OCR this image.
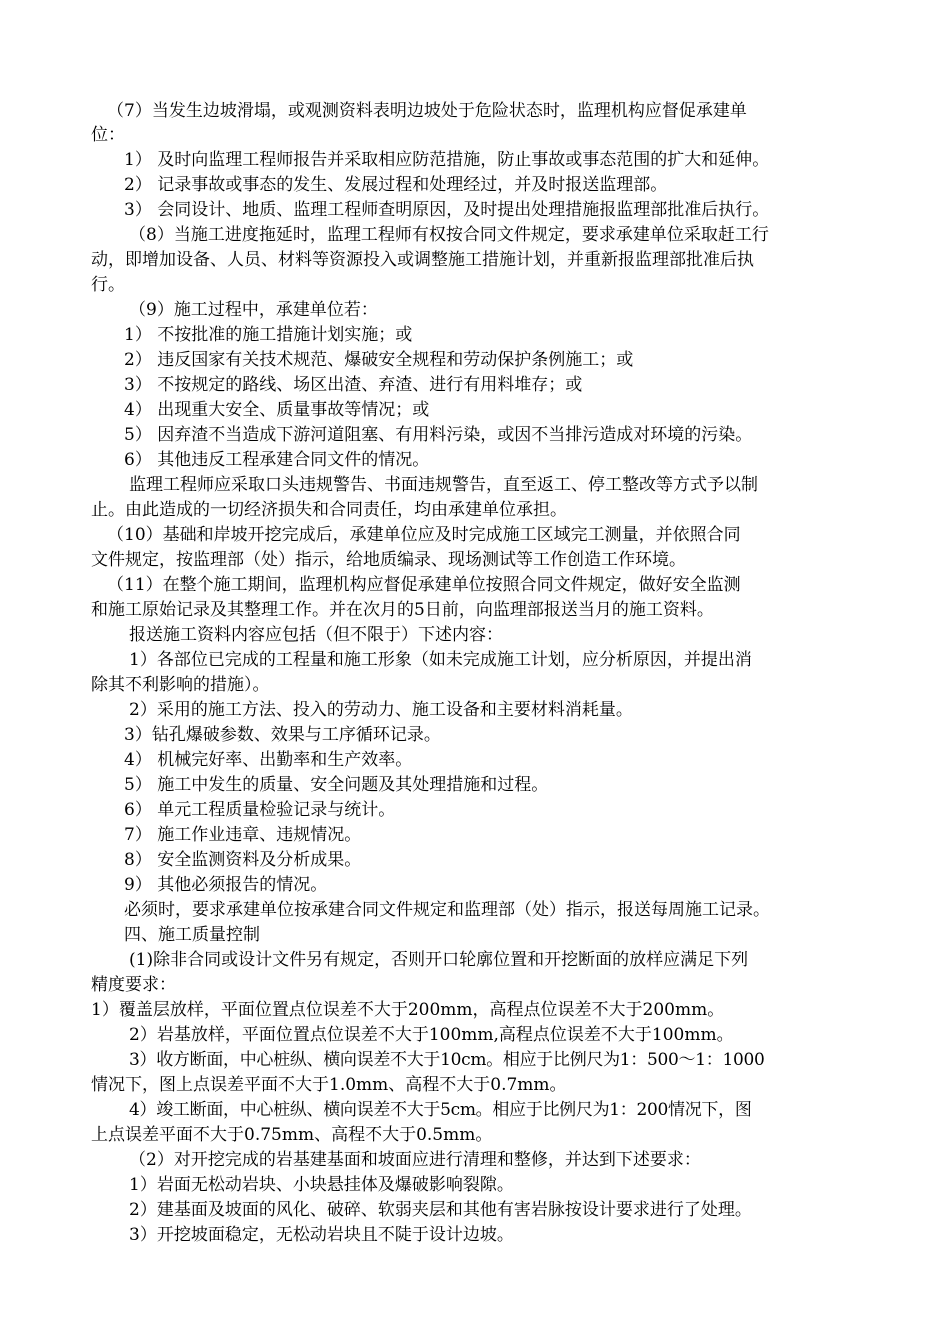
（7）当发生边坡滑塌，或观测资料表明边坡处于危险状态时，监理机构应督促承建单
位：
1） 及时向监理工程师报告并采取相应防范措施，防止事故或事态范围的扩大和延伸。
2） 记录事故或事态的发生、发展过程和处理经过，并及时报送监理部。
3） 会同设计、地质、监理工程师查明原因，及时提出处理措施报监理部批准后执行。
（8）当施工进度拖延时，监理工程师有权按合同文件规定，要求承建单位采取赶工行
动，即增加设备、人员、材料等资源投入或调整施工措施计划，并重新报监理部批准后执
行。
（9）施工过程中，承建单位若：
1） 不按批准的施工措施计划实施；或
2） 违反国家有关技术规范、爆破安全规程和劳动保护条例施工；或
3） 不按规定的路线、场区出渣、弃渣、进行有用料堆存；或
4） 出现重大安全、质量事故等情况；或
5） 因弃渣不当造成下游河道阻塞、有用料污染，或因不当排污造成对环境的污染。
6） 其他违反工程承建合同文件的情况。
监理工程师应采取口头违规警告、书面违规警告，直至返工、停工整改等方式予以制
止。由此造成的一切经济损失和合同责任，均由承建单位承担。
（10）基础和岸坡开挖完成后，承建单位应及时完成施工区域完工测量，并依照合同
文件规定，按监理部（处）指示，给地质编录、现场测试等工作创造工作环境。
（11）在整个施工期间，监理机构应督促承建单位按照合同文件规定，做好安全监测
和施工原始记录及其整理工作。并在次月的5日前，向监理部报送当月的施工资料。
报送施工资料内容应包括（但不限于）下述内容：
1）各部位已完成的工程量和施工形象（如未完成施工计划，应分析原因，并提出消
除其不利影响的措施）。
2）采用的施工方法、投入的劳动力、施工设备和主要材料消耗量。
3）钻孔爆破参数、效果与工序循环记录。
4） 机械完好率、出勤率和生产效率。
5） 施工中发生的质量、安全问题及其处理措施和过程。
6） 单元工程质量检验记录与统计。
7） 施工作业违章、违规情况。
8） 安全监测资料及分析成果。
9） 其他必须报告的情况。
必须时，要求承建单位按承建合同文件规定和监理部（处）指示，报送每周施工记录。
四、施工质量控制
(1)除非合同或设计文件另有规定，否则开口轮廓位置和开挖断面的放样应满足下列
精度要求：
1）覆盖层放样，平面位置点位误差不大于200mm，高程点位误差不大于200mm。
2）岩基放样，平面位置点位误差不大于100mm,高程点位误差不大于100mm。
3）收方断面，中心桩纵、横向误差不大于10cm。相应于比例尺为1：500～1：1000
情况下，图上点误差平面不大于1.0mm、高程不大于0.7mm。
4）竣工断面，中心桩纵、横向误差不大于5cm。相应于比例尺为1：200情况下，图
上点误差平面不大于0.75mm、高程不大于0.5mm。
（2）对开挖完成的岩基建基面和坡面应进行清理和整修，并达到下述要求：
1）岩面无松动岩块、小块悬挂体及爆破影响裂隙。
2）建基面及坡面的风化、破碎、软弱夹层和其他有害岩脉按设计要求进行了处理。
3）开挖坡面稳定，无松动岩块且不陡于设计边坡。
